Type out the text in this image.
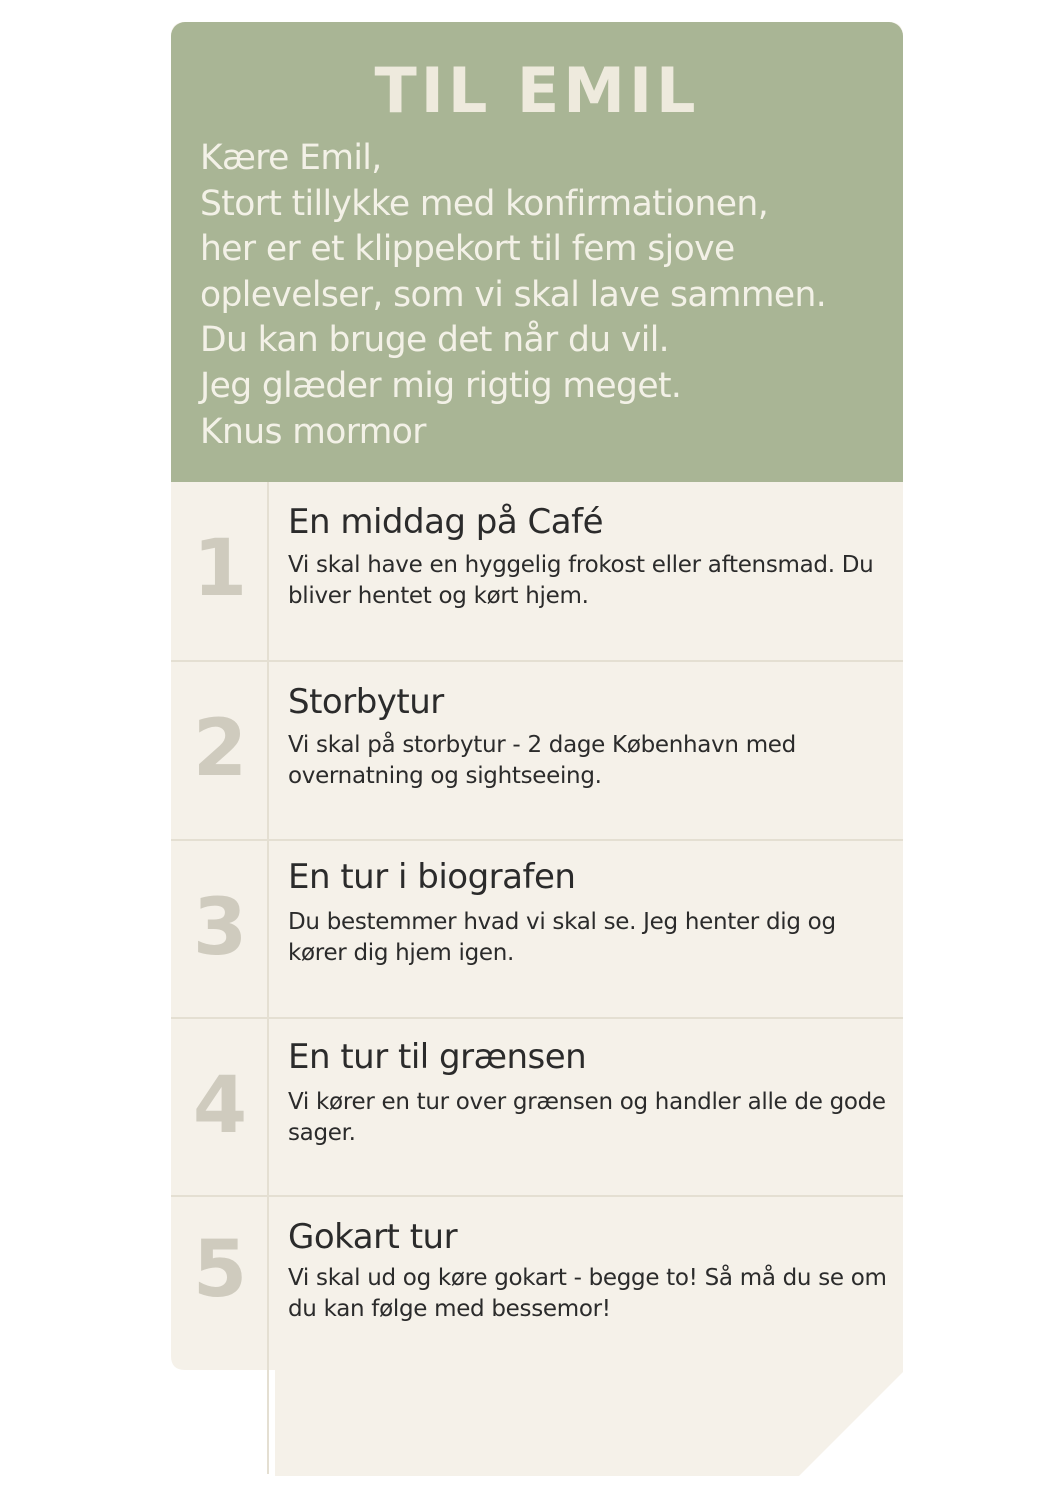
TIL EMIL
Kære Emil,
Stort tillykke med konfirmationen,
her er et klippekort til fem sjove
oplevelser, som vi skal lave sammen.
Du kan bruge det når du vil.
Jeg glæder mig rigtig meget.
Knus mormor
1
En middag på Café
Vi skal have en hyggelig frokost eller aftensmad. Du bliver hentet og kørt hjem.
2
Storbytur
Vi skal på storbytur - 2 dage København med overnatning og sightseeing.
3
En tur i biografen
Du bestemmer hvad vi skal se. Jeg henter dig og kører dig hjem igen.
4
En tur til grænsen
Vi kører en tur over grænsen og handler alle de gode sager.
5	Gokart tur
Vi skal ud og køre gokart - begge to! Så må du se om du kan følge med bessemor!
